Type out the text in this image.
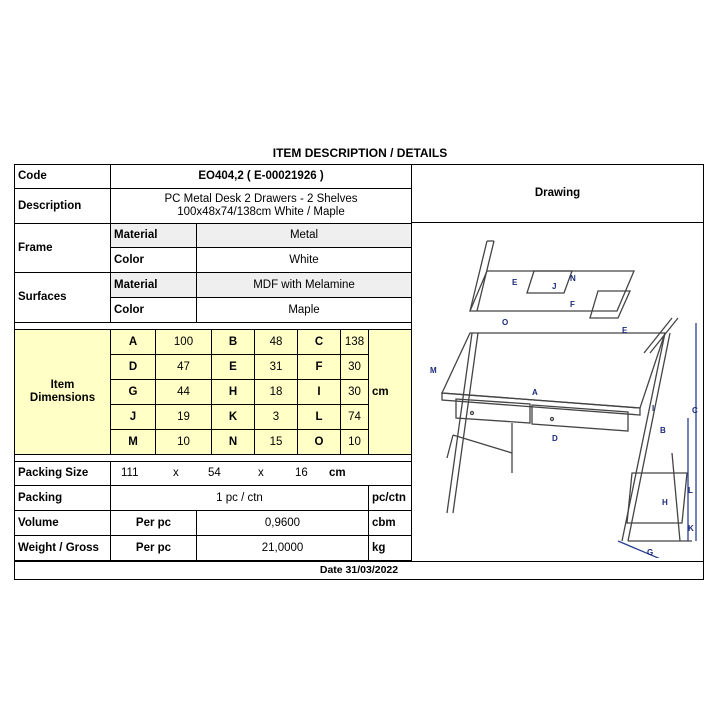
ITEM DESCRIPTION / DETAILS
Code	EO404,2 ( E-00021926 )
Description
PC Metal Desk 2 Drawers - 2 Shelves
100x48x74/138cm White / Maple
Frame
Material	Metal
Color	White
Surfaces
Material	MDF with Melamine
Color	Maple
Item
Dimensions
cm
Packing Size	111	x	54	x	16 cm
Packing	1 pc / ctn	pc/ctn
Volume	Per pc	0,9600	cbm
Weight / Gross	Per pc	21,0000	kg
Drawing
E	N
J
F
O
E
M
A
I	C
D
B
L
H
K
G
Date 31/03/2022
A	100	B	48	C	138
D	47	E	31	F	30
G	44	H	18	I	30
J	19	K	3	L	74
M	10	N	15	O	10
